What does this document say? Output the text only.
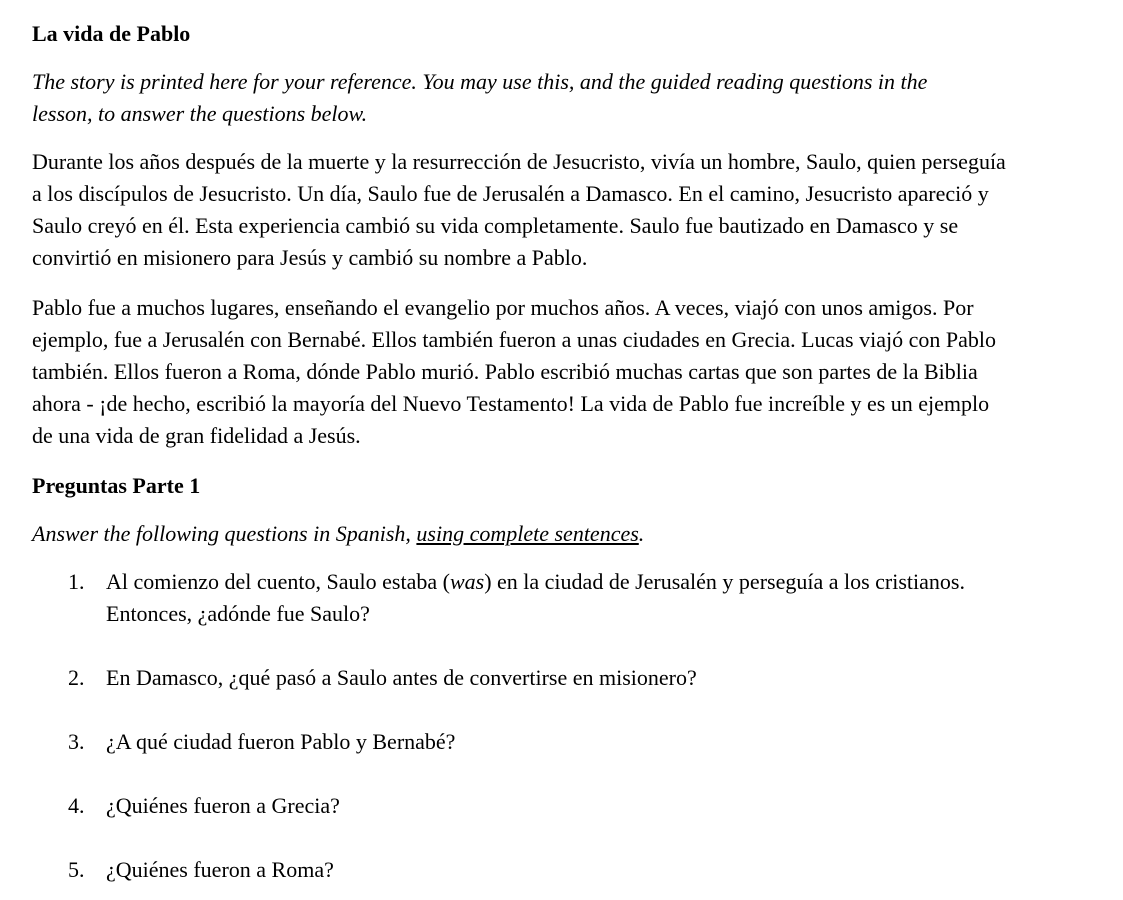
La vida de Pablo
The story is printed here for your reference. You may use this, and the guided reading questions in the lesson, to answer the questions below.
Durante los años después de la muerte y la resurrección de Jesucristo, vivía un hombre, Saulo, quien perseguía a los discípulos de Jesucristo. Un día, Saulo fue de Jerusalén a Damasco. En el camino, Jesucristo apareció y Saulo creyó en él. Esta experiencia cambió su vida completamente. Saulo fue bautizado en Damasco y se convirtió en misionero para Jesús y cambió su nombre a Pablo.
Pablo fue a muchos lugares, enseñando el evangelio por muchos años. A veces, viajó con unos amigos. Por ejemplo, fue a Jerusalén con Bernabé. Ellos también fueron a unas ciudades en Grecia. Lucas viajó con Pablo también. Ellos fueron a Roma, dónde Pablo murió. Pablo escribió muchas cartas que son partes de la Biblia ahora - ¡de hecho, escribió la mayoría del Nuevo Testamento! La vida de Pablo fue increíble y es un ejemplo de una vida de gran fidelidad a Jesús.
Preguntas Parte 1
Answer the following questions in Spanish, using complete sentences.
1. Al comienzo del cuento, Saulo estaba (was) en la ciudad de Jerusalén y perseguía a los cristianos. Entonces, ¿adónde fue Saulo?
2. En Damasco, ¿qué pasó a Saulo antes de convertirse en misionero?
3. ¿A qué ciudad fueron Pablo y Bernabé?
4. ¿Quiénes fueron a Grecia?
5. ¿Quiénes fueron a Roma?
